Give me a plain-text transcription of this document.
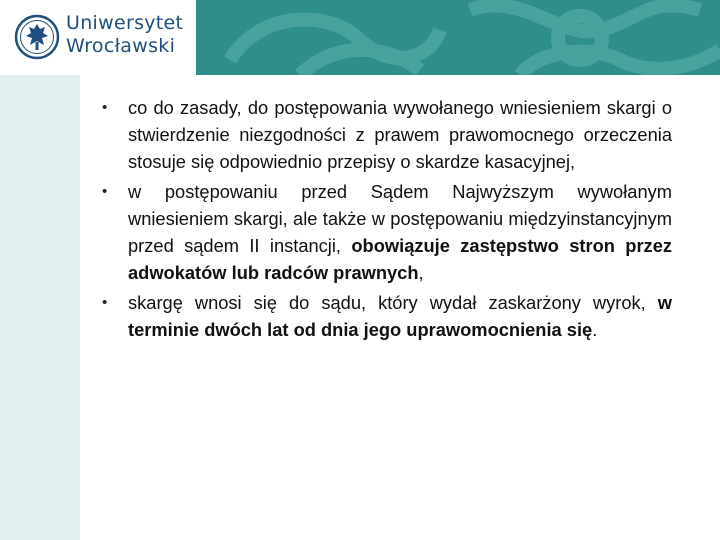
Uniwersytet
Wrocławski
• co do zasady, do postępowania wywołanego wniesieniem skargi o stwierdzenie niezgodności z prawem prawomocnego orzeczenia stosuje się odpowiednio przepisy o skardze kasacyjnej,
• w postępowaniu przed Sądem Najwyższym wywołanym wniesieniem skargi, ale także w postępowaniu międzyinstancyjnym przed sądem II instancji, obowiązuje zastępstwo stron przez adwokatów lub radców prawnych,
• skargę wnosi się do sądu, który wydał zaskarżony wyrok, w terminie dwóch lat od dnia jego uprawomocnienia się.
